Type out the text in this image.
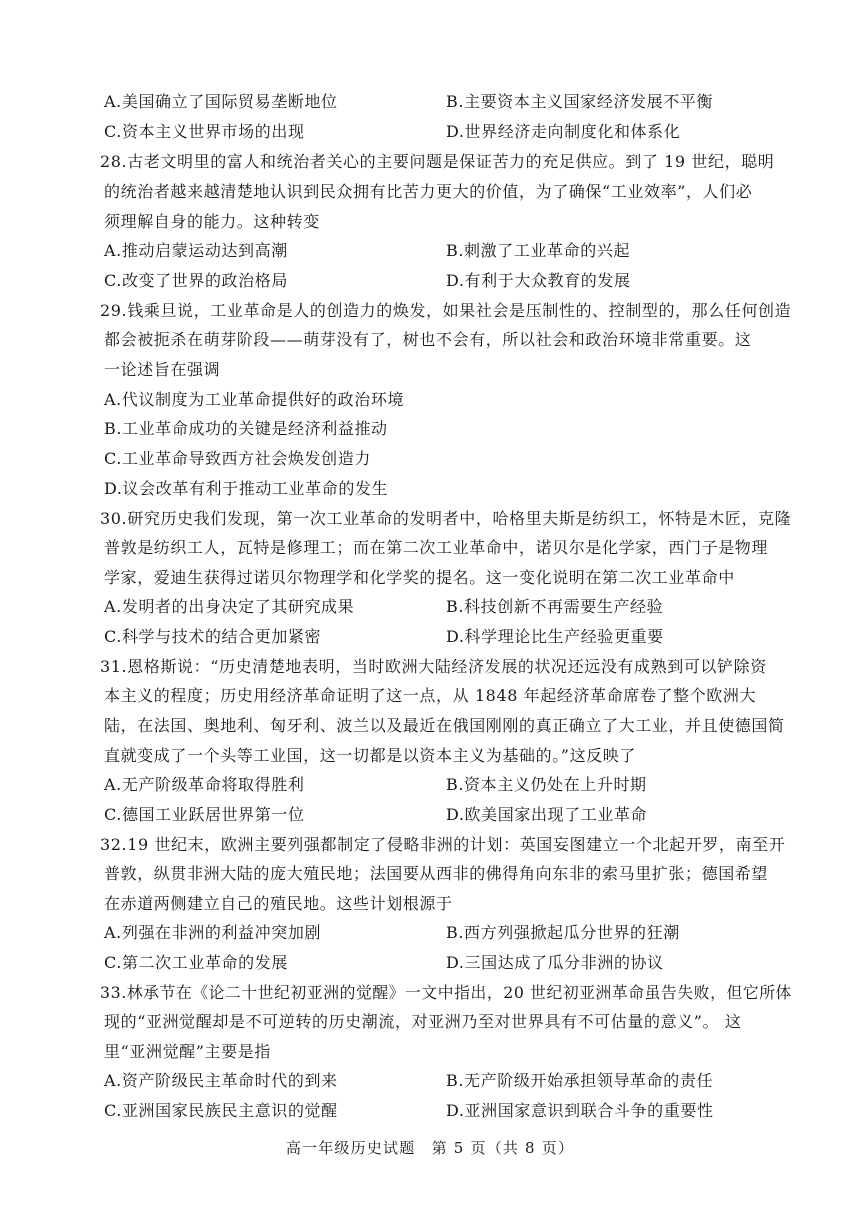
A.美国确立了国际贸易垄断地位	B.主要资本主义国家经济发展不平衡
C.资本主义世界市场的出现	D.世界经济走向制度化和体系化
28.古老文明里的富人和统治者关心的主要问题是保证苦力的充足供应。到了 19 世纪，聪明
的统治者越来越清楚地认识到民众拥有比苦力更大的价值，为了确保“工业效率”，人们必
须理解自身的能力。这种转变
A.推动启蒙运动达到高潮	B.刺激了工业革命的兴起
C.改变了世界的政治格局	D.有利于大众教育的发展
29.钱乘旦说，工业革命是人的创造力的焕发，如果社会是压制性的、控制型的，那么任何创造
都会被扼杀在萌芽阶段——萌芽没有了，树也不会有，所以社会和政治环境非常重要。这
一论述旨在强调
A.代议制度为工业革命提供好的政治环境
B.工业革命成功的关键是经济利益推动
C.工业革命导致西方社会焕发创造力
D.议会改革有利于推动工业革命的发生
30.研究历史我们发现，第一次工业革命的发明者中，哈格里夫斯是纺织工，怀特是木匠，克隆
普敦是纺织工人，瓦特是修理工；而在第二次工业革命中，诺贝尔是化学家，西门子是物理
学家，爱迪生获得过诺贝尔物理学和化学奖的提名。这一变化说明在第二次工业革命中
A.发明者的出身决定了其研究成果	B.科技创新不再需要生产经验
C.科学与技术的结合更加紧密	D.科学理论比生产经验更重要
31.恩格斯说：“历史清楚地表明，当时欧洲大陆经济发展的状况还远没有成熟到可以铲除资
本主义的程度；历史用经济革命证明了这一点，从 1848 年起经济革命席卷了整个欧洲大
陆，在法国、奥地利、匈牙利、波兰以及最近在俄国刚刚的真正确立了大工业，并且使德国简
直就变成了一个头等工业国，这一切都是以资本主义为基础的。”这反映了
A.无产阶级革命将取得胜利	B.资本主义仍处在上升时期
C.德国工业跃居世界第一位	D.欧美国家出现了工业革命
32.19 世纪末，欧洲主要列强都制定了侵略非洲的计划：英国妄图建立一个北起开罗，南至开
普敦，纵贯非洲大陆的庞大殖民地；法国要从西非的佛得角向东非的索马里扩张；德国希望
在赤道两侧建立自己的殖民地。这些计划根源于
A.列强在非洲的利益冲突加剧	B.西方列强掀起瓜分世界的狂潮
C.第二次工业革命的发展	D.三国达成了瓜分非洲的协议
33.林承节在《论二十世纪初亚洲的觉醒》一文中指出，20 世纪初亚洲革命虽告失败，但它所体
现的“亚洲觉醒却是不可逆转的历史潮流，对亚洲乃至对世界具有不可估量的意义”。 这
里“亚洲觉醒”主要是指
A.资产阶级民主革命时代的到来	B.无产阶级开始承担领导革命的责任
C.亚洲国家民族民主意识的觉醒	D.亚洲国家意识到联合斗争的重要性
高一年级历史试题　第 5 页（共 8 页）
